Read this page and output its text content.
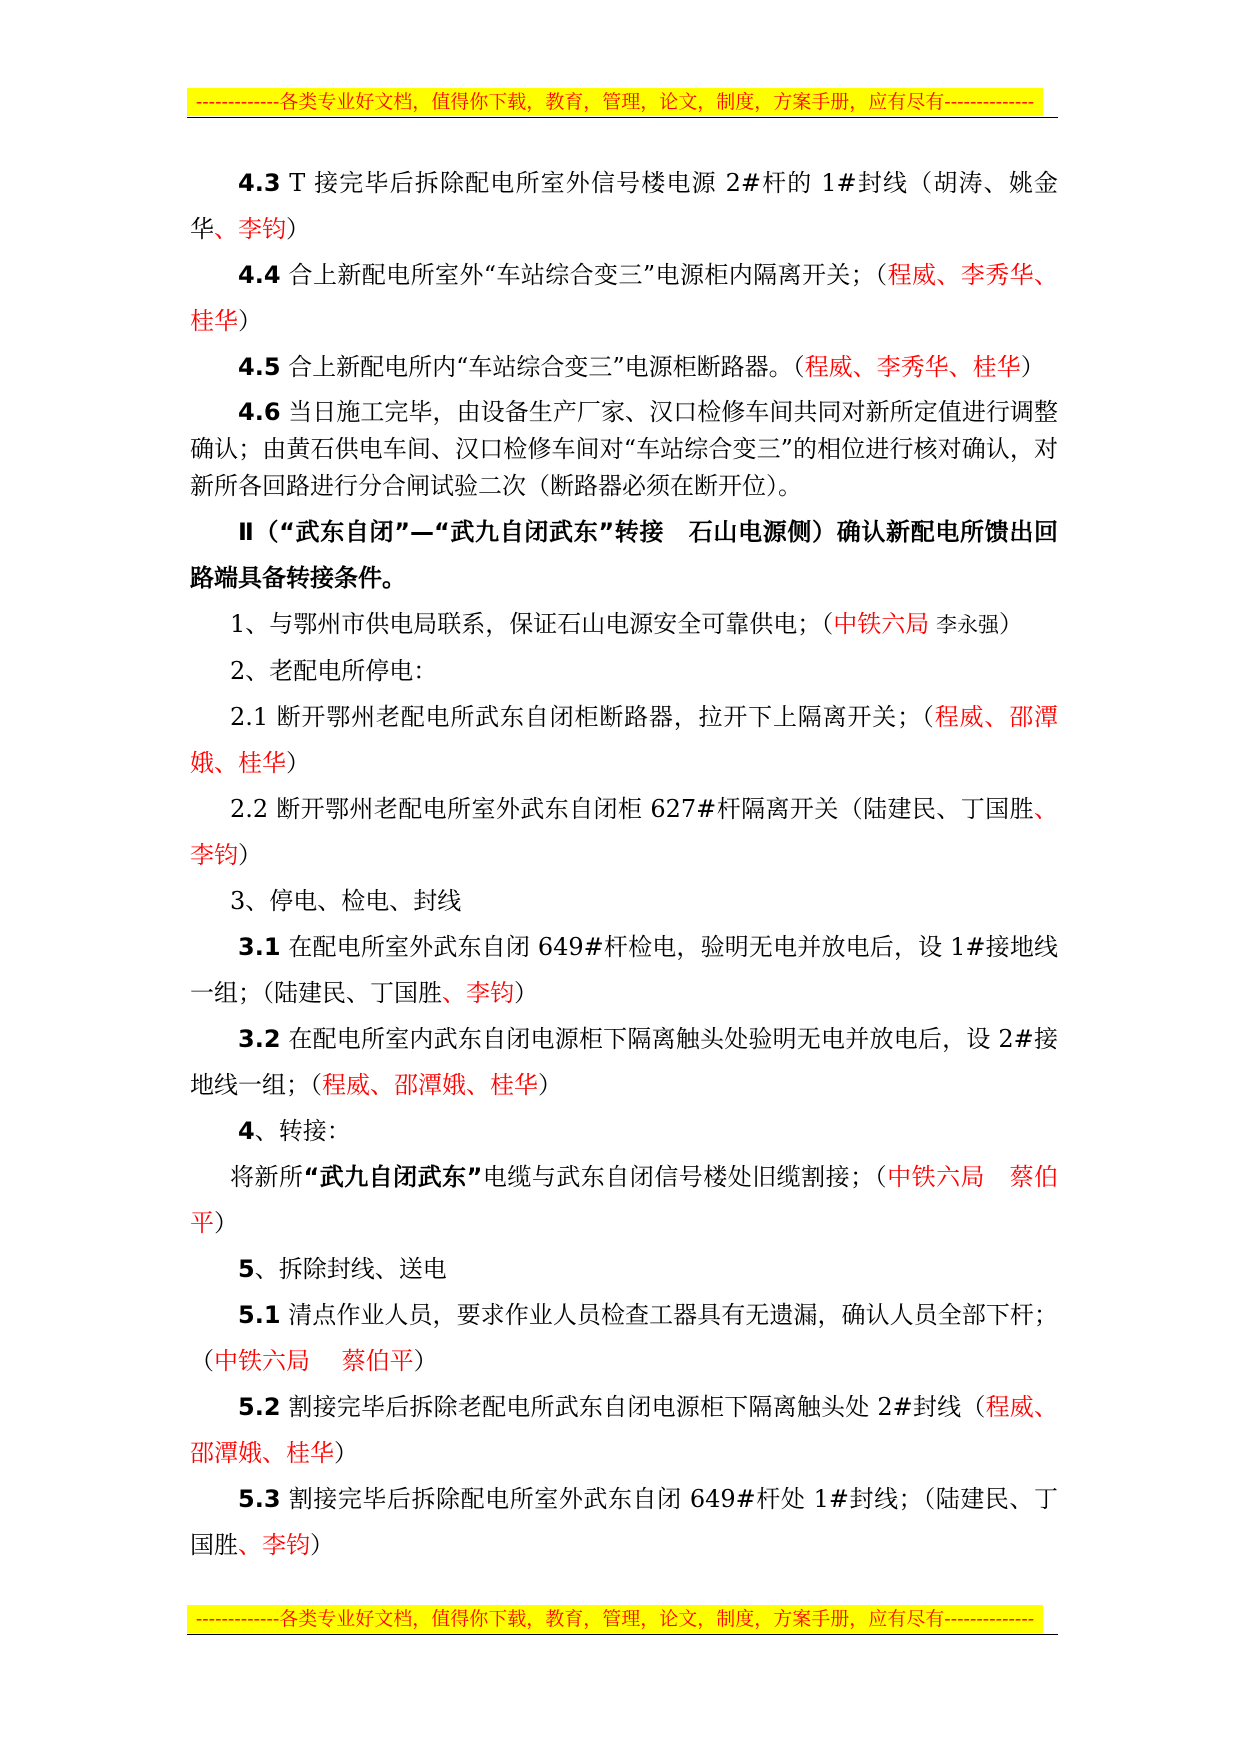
-------------各类专业好文档，值得你下载，教育，管理，论文，制度，方案手册，应有尽有--------------

4.3 T 接完毕后拆除配电所室外信号楼电源 2#杆的 1#封线（胡涛、姚金华、李钧）

4.4 合上新配电所室外“车站综合变三”电源柜内隔离开关；（程威、李秀华、桂华）

4.5 合上新配电所内“车站综合变三”电源柜断路器。（程威、李秀华、桂华）

4.6 当日施工完毕，由设备生产厂家、汉口检修车间共同对新所定值进行调整确认；由黄石供电车间、汉口检修车间对“车站综合变三”的相位进行核对确认，对新所各回路进行分合闸试验二次（断路器必须在断开位）。

Ⅱ（“武东自闭”—“武九自闭武东”转接　石山电源侧）确认新配电所馈出回路端具备转接条件。

1、与鄂州市供电局联系，保证石山电源安全可靠供电；（中铁六局 李永强）

2、老配电所停电：

2.1 断开鄂州老配电所武东自闭柜断路器，拉开下上隔离开关；（程威、邵潭娥、桂华）

2.2 断开鄂州老配电所室外武东自闭柜 627#杆隔离开关（陆建民、丁国胜、李钧）

3、停电、检电、封线

3.1 在配电所室外武东自闭 649#杆检电，验明无电并放电后，设 1#接地线一组；（陆建民、丁国胜、李钧）

3.2 在配电所室内武东自闭电源柜下隔离触头处验明无电并放电后，设 2#接地线一组；（程威、邵潭娥、桂华）

4、转接：

将新所“武九自闭武东”电缆与武东自闭信号楼处旧缆割接；（中铁六局　蔡伯平）

5、拆除封线、送电

5.1 清点作业人员，要求作业人员检查工器具有无遗漏，确认人员全部下杆；（中铁六局　 蔡伯平）

5.2 割接完毕后拆除老配电所武东自闭电源柜下隔离触头处 2#封线（程威、邵潭娥、桂华）

5.3 割接完毕后拆除配电所室外武东自闭 649#杆处 1#封线；（陆建民、丁国胜、李钧）

-------------各类专业好文档，值得你下载，教育，管理，论文，制度，方案手册，应有尽有--------------
